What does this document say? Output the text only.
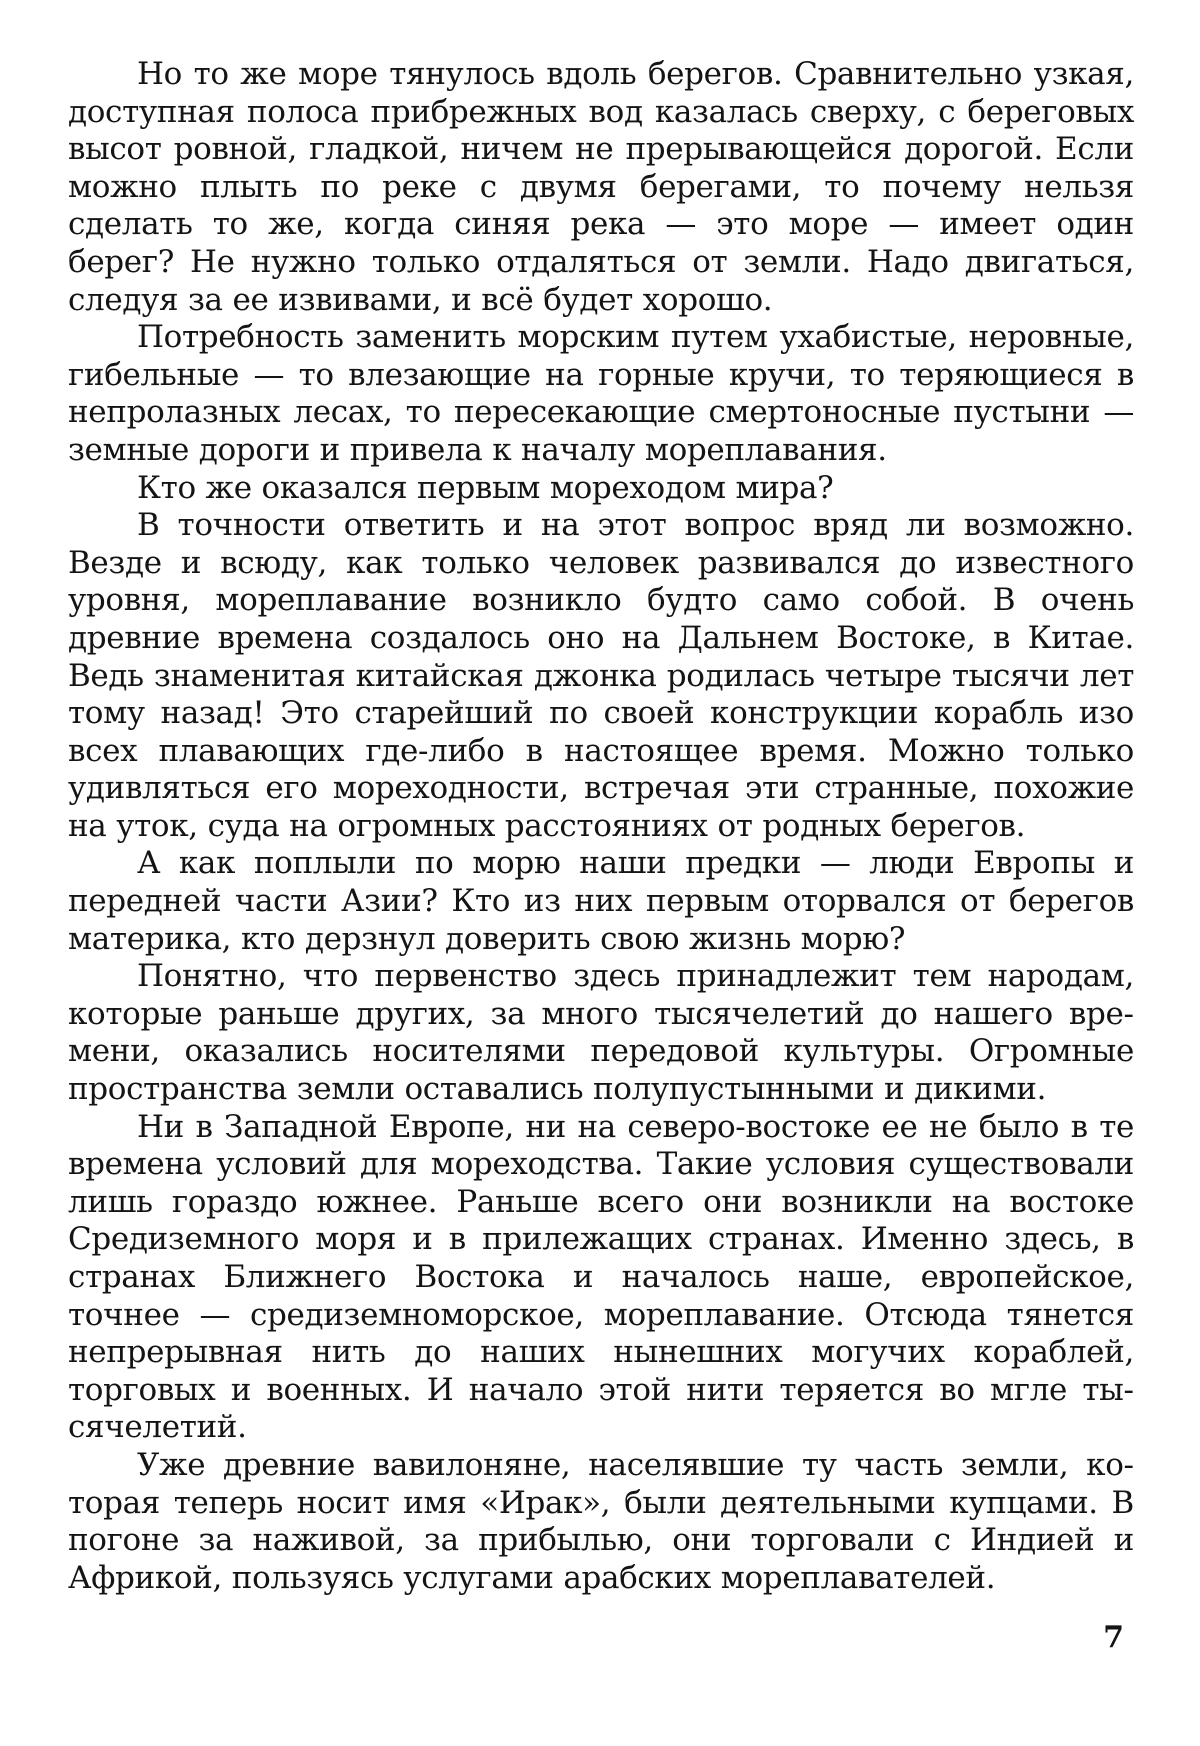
Но то же море тянулось вдоль берегов. Сравнительно узкая, доступная полоса прибрежных вод казалась сверху, с береговых высот ровной, гладкой, ничем не прерывающейся дорогой. Если можно плыть по реке с двумя берегами, то почему нельзя сделать то же, когда синяя река — это море — имеет один берег? Не нужно только отдаляться от земли. Надо двигаться, следуя за ее извивами, и всё будет хорошо.

Потребность заменить морским путем ухабистые, неровные, гибельные — то влезающие на горные кручи, то теряющиеся в непролазных лесах, то пересекающие смертоносные пустыни — земные дороги и привела к началу мореплавания.

Кто же оказался первым мореходом мира?

В точности ответить и на этот вопрос вряд ли возможно. Везде и всюду, как только человек развивался до известного уровня, мореплавание возникло будто само собой. В очень древние времена создалось оно на Дальнем Востоке, в Китае. Ведь знаменитая китайская джонка родилась четыре тысячи лет тому назад! Это старейший по своей конструкции корабль изо всех плавающих где-либо в настоящее время. Можно только удивляться его мореходности, встречая эти странные, похожие на уток, суда на огромных расстояниях от родных берегов.

А как поплыли по морю наши предки — люди Европы и передней части Азии? Кто из них первым оторвался от берегов материка, кто дерзнул доверить свою жизнь морю?

Понятно, что первенство здесь принадлежит тем народам, которые раньше других, за много тысячелетий до нашего времени, оказались носителями передовой культуры. Огромные пространства земли оставались полупустынными и дикими.

Ни в Западной Европе, ни на северо-востоке ее не было в те времена условий для мореходства. Такие условия существовали лишь гораздо южнее. Раньше всего они возникли на востоке Средиземного моря и в прилежащих странах. Именно здесь, в странах Ближнего Востока и началось наше, европейское, точнее — средиземноморское, мореплавание. Отсюда тянется непрерывная нить до наших нынешних могучих кораблей, торговых и военных. И начало этой нити теряется во мгле тысячелетий.

Уже древние вавилоняне, населявшие ту часть земли, которая теперь носит имя «Ирак», были деятельными купцами. В погоне за наживой, за прибылью, они торговали с Индией и Африкой, пользуясь услугами арабских мореплавателей.

7
